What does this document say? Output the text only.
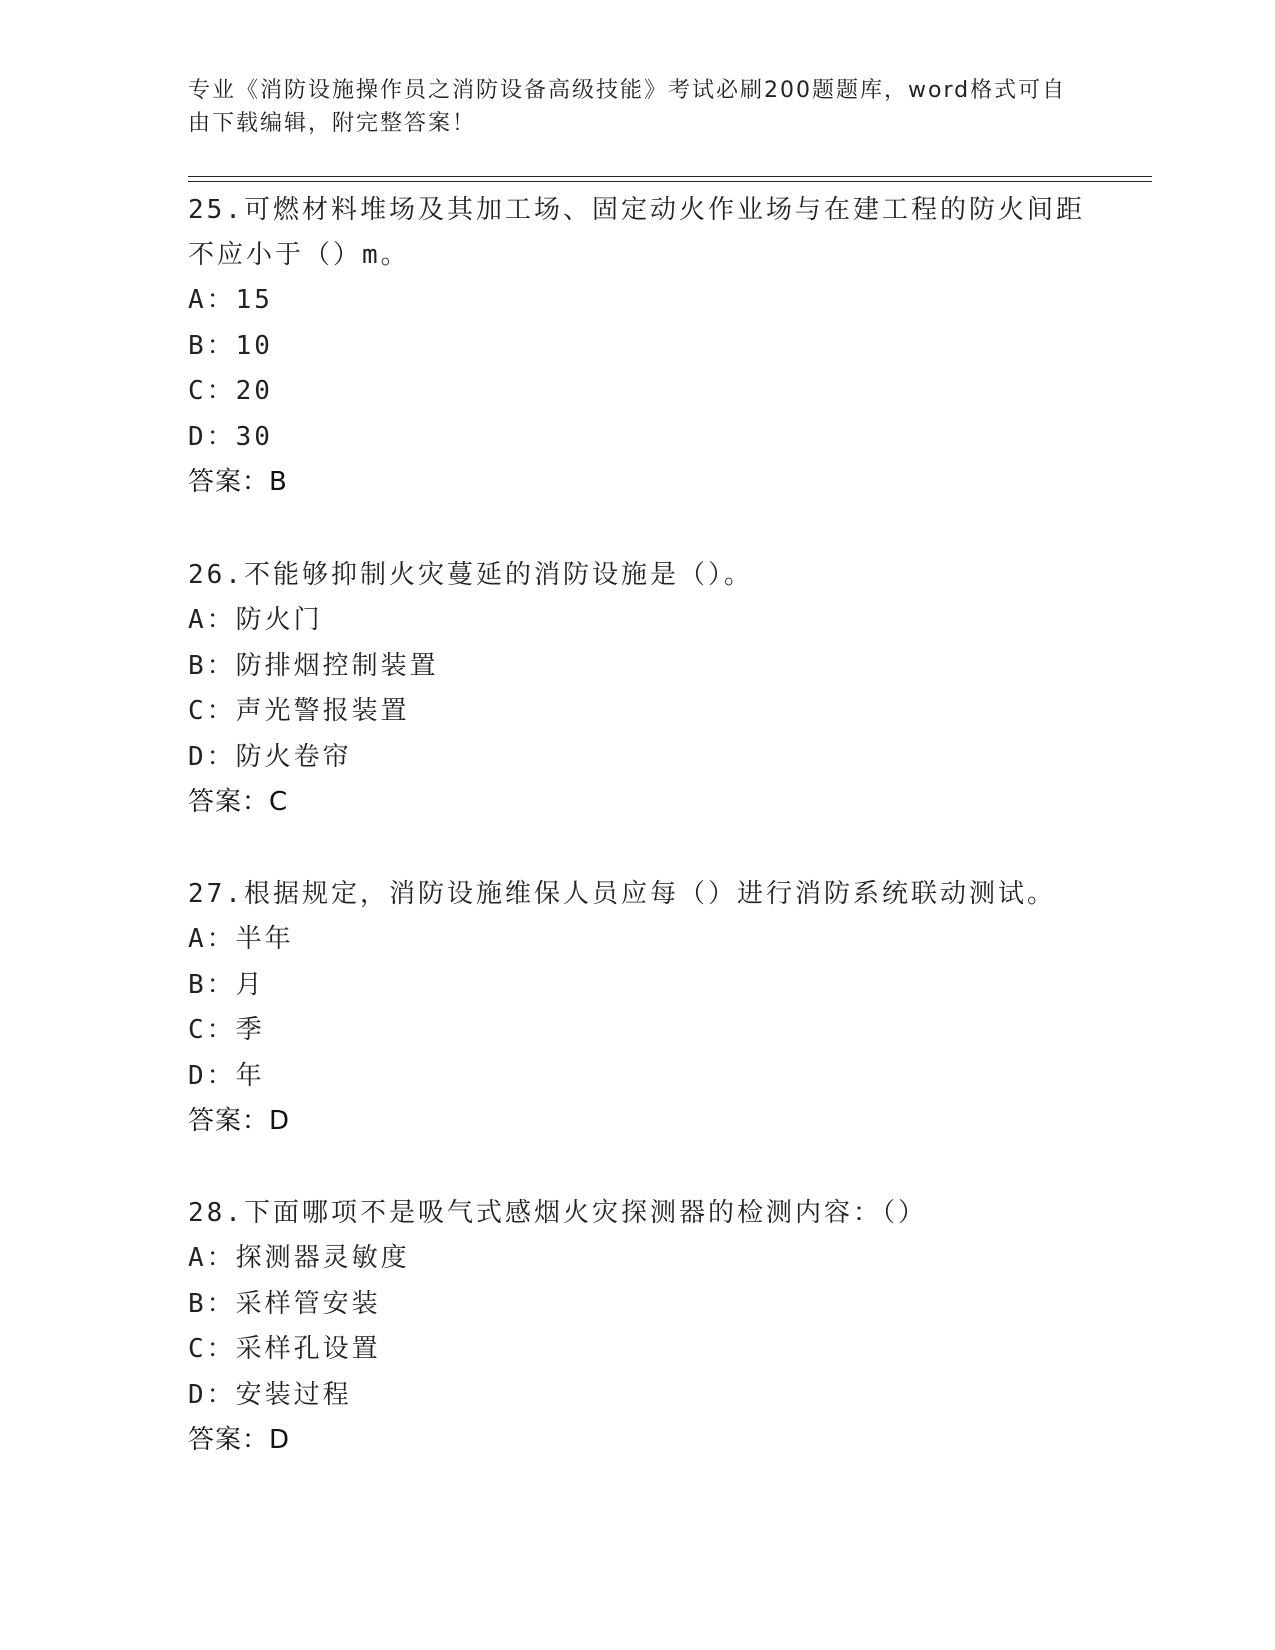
专业《消防设施操作员之消防设备高级技能》考试必刷200题题库，word格式可自由下载编辑，附完整答案！
25.可燃材料堆场及其加工场、固定动火作业场与在建工程的防火间距不应小于（）m。
A：15
B：10
C：20
D：30
答案：B
26.不能够抑制火灾蔓延的消防设施是（）。
A：防火门
B：防排烟控制装置
C：声光警报装置
D：防火卷帘
答案：C
27.根据规定，消防设施维保人员应每（）进行消防系统联动测试。
A：半年
B：月
C：季
D：年
答案：D
28.下面哪项不是吸气式感烟火灾探测器的检测内容：（）
A：探测器灵敏度
B：采样管安装
C：采样孔设置
D：安装过程
答案：D
